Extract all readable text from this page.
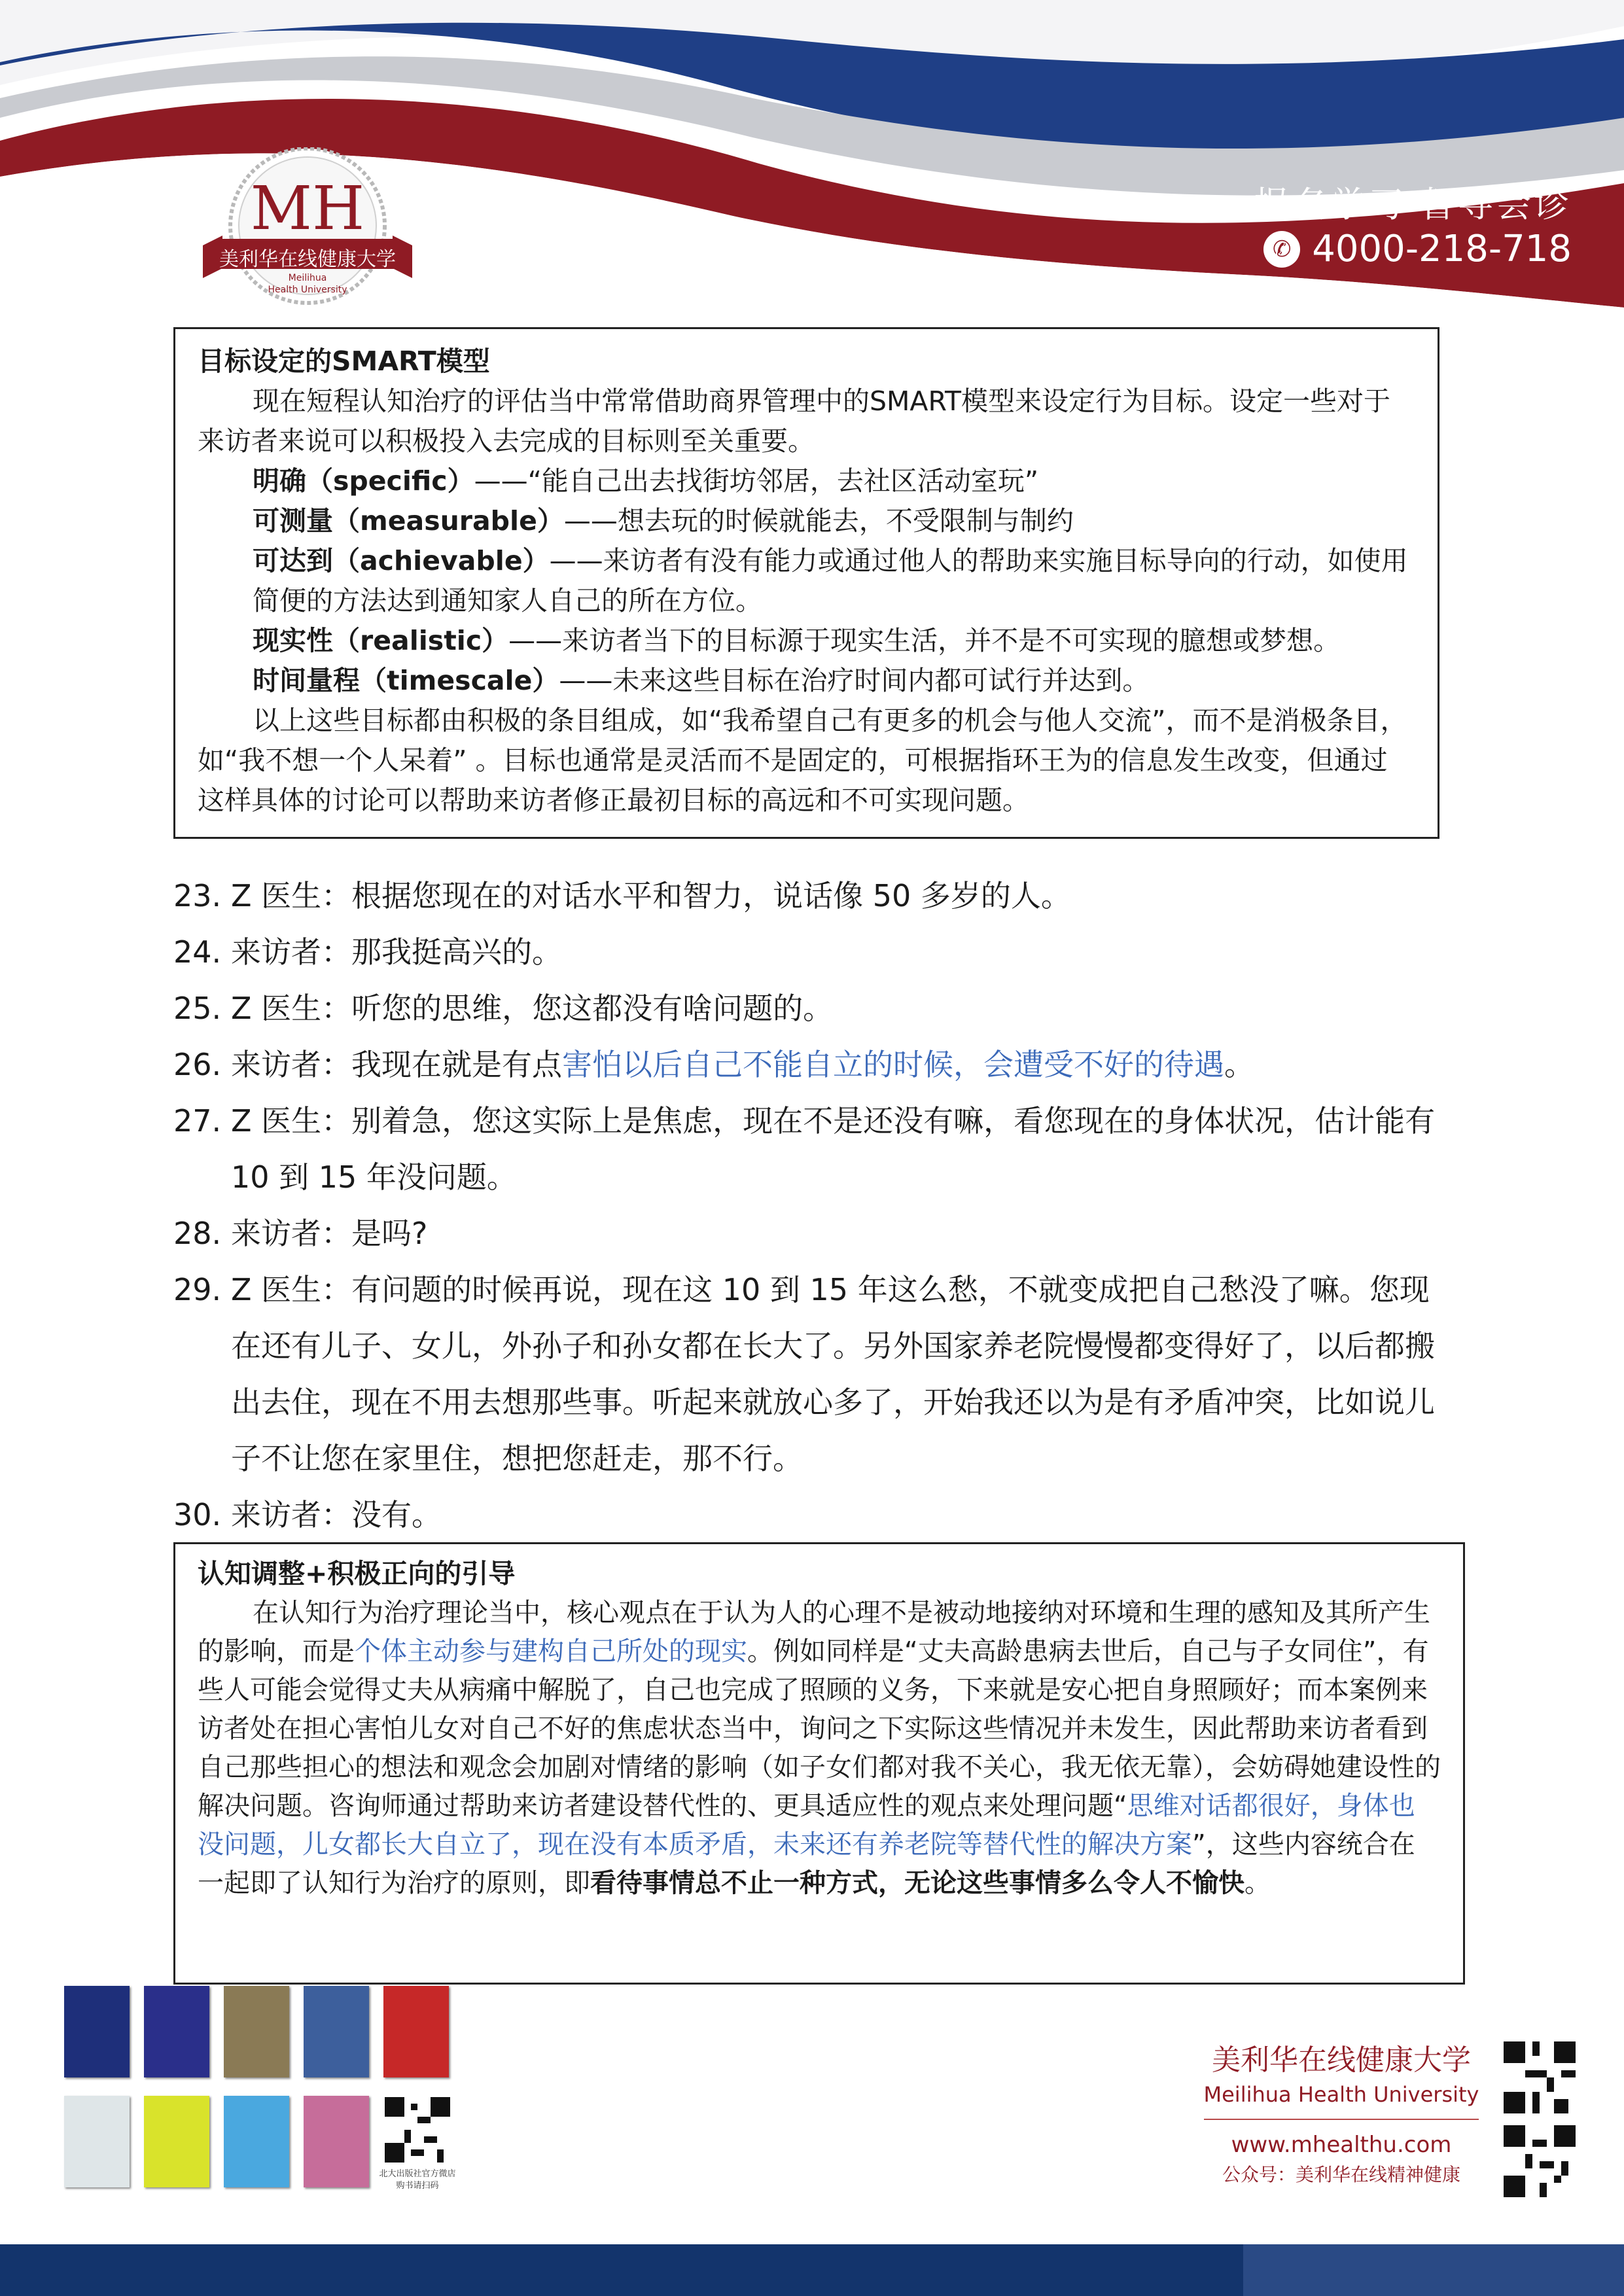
MH
美利华在线健康大学
Meilihua
Health University
报名学习 督导会诊
✆ 4000-218-718
目标设定的SMART模型
现在短程认知治疗的评估当中常常借助商界管理中的SMART模型来设定行为目标。设定一些对于来访者来说可以积极投入去完成的目标则至关重要。
明确（specific）——“能自己出去找街坊邻居，去社区活动室玩”
可测量（measurable）——想去玩的时候就能去，不受限制与制约
可达到（achievable）——来访者有没有能力或通过他人的帮助来实施目标导向的行动，如使用简便的方法达到通知家人自己的所在方位。
现实性（realistic）——来访者当下的目标源于现实生活，并不是不可实现的臆想或梦想。
时间量程（timescale）——未来这些目标在治疗时间内都可试行并达到。
以上这些目标都由积极的条目组成，如“我希望自己有更多的机会与他人交流”，而不是消极条目，如“我不想一个人呆着” 。目标也通常是灵活而不是固定的，可根据指环王为的信息发生改变，但通过这样具体的讨论可以帮助来访者修正最初目标的高远和不可实现问题。
23. Z 医生：根据您现在的对话水平和智力，说话像 50 多岁的人。
24. 来访者：那我挺高兴的。
25. Z 医生：听您的思维，您这都没有啥问题的。
26. 来访者：我现在就是有点害怕以后自己不能自立的时候，会遭受不好的待遇。
27. Z 医生：别着急，您这实际上是焦虑，现在不是还没有嘛，看您现在的身体状况，估计能有 10 到 15 年没问题。
28. 来访者：是吗?
29. Z 医生：有问题的时候再说，现在这 10 到 15 年这么愁，不就变成把自己愁没了嘛。您现在还有儿子、女儿，外孙子和孙女都在长大了。另外国家养老院慢慢都变得好了，以后都搬出去住，现在不用去想那些事。听起来就放心多了，开始我还以为是有矛盾冲突，比如说儿子不让您在家里住，想把您赶走，那不行。
30. 来访者：没有。
认知调整+积极正向的引导
在认知行为治疗理论当中，核心观点在于认为人的心理不是被动地接纳对环境和生理的感知及其所产生的影响，而是个体主动参与建构自己所处的现实。例如同样是“丈夫高龄患病去世后，自己与子女同住”，有些人可能会觉得丈夫从病痛中解脱了，自己也完成了照顾的义务，下来就是安心把自身照顾好；而本案例来访者处在担心害怕儿女对自己不好的焦虑状态当中，询问之下实际这些情况并未发生，因此帮助来访者看到自己那些担心的想法和观念会加剧对情绪的影响（如子女们都对我不关心，我无依无靠），会妨碍她建设性的解决问题。咨询师通过帮助来访者建设替代性的、更具适应性的观点来处理问题“思维对话都很好，身体也没问题，儿女都长大自立了，现在没有本质矛盾，未来还有养老院等替代性的解决方案”，这些内容统合在一起即了认知行为治疗的原则，即看待事情总不止一种方式，无论这些事情多么令人不愉快。
北大出版社官方微店
购书请扫码
美利华在线健康大学
Meilihua Health University
www.mhealthu.com
公众号：美利华在线精神健康
